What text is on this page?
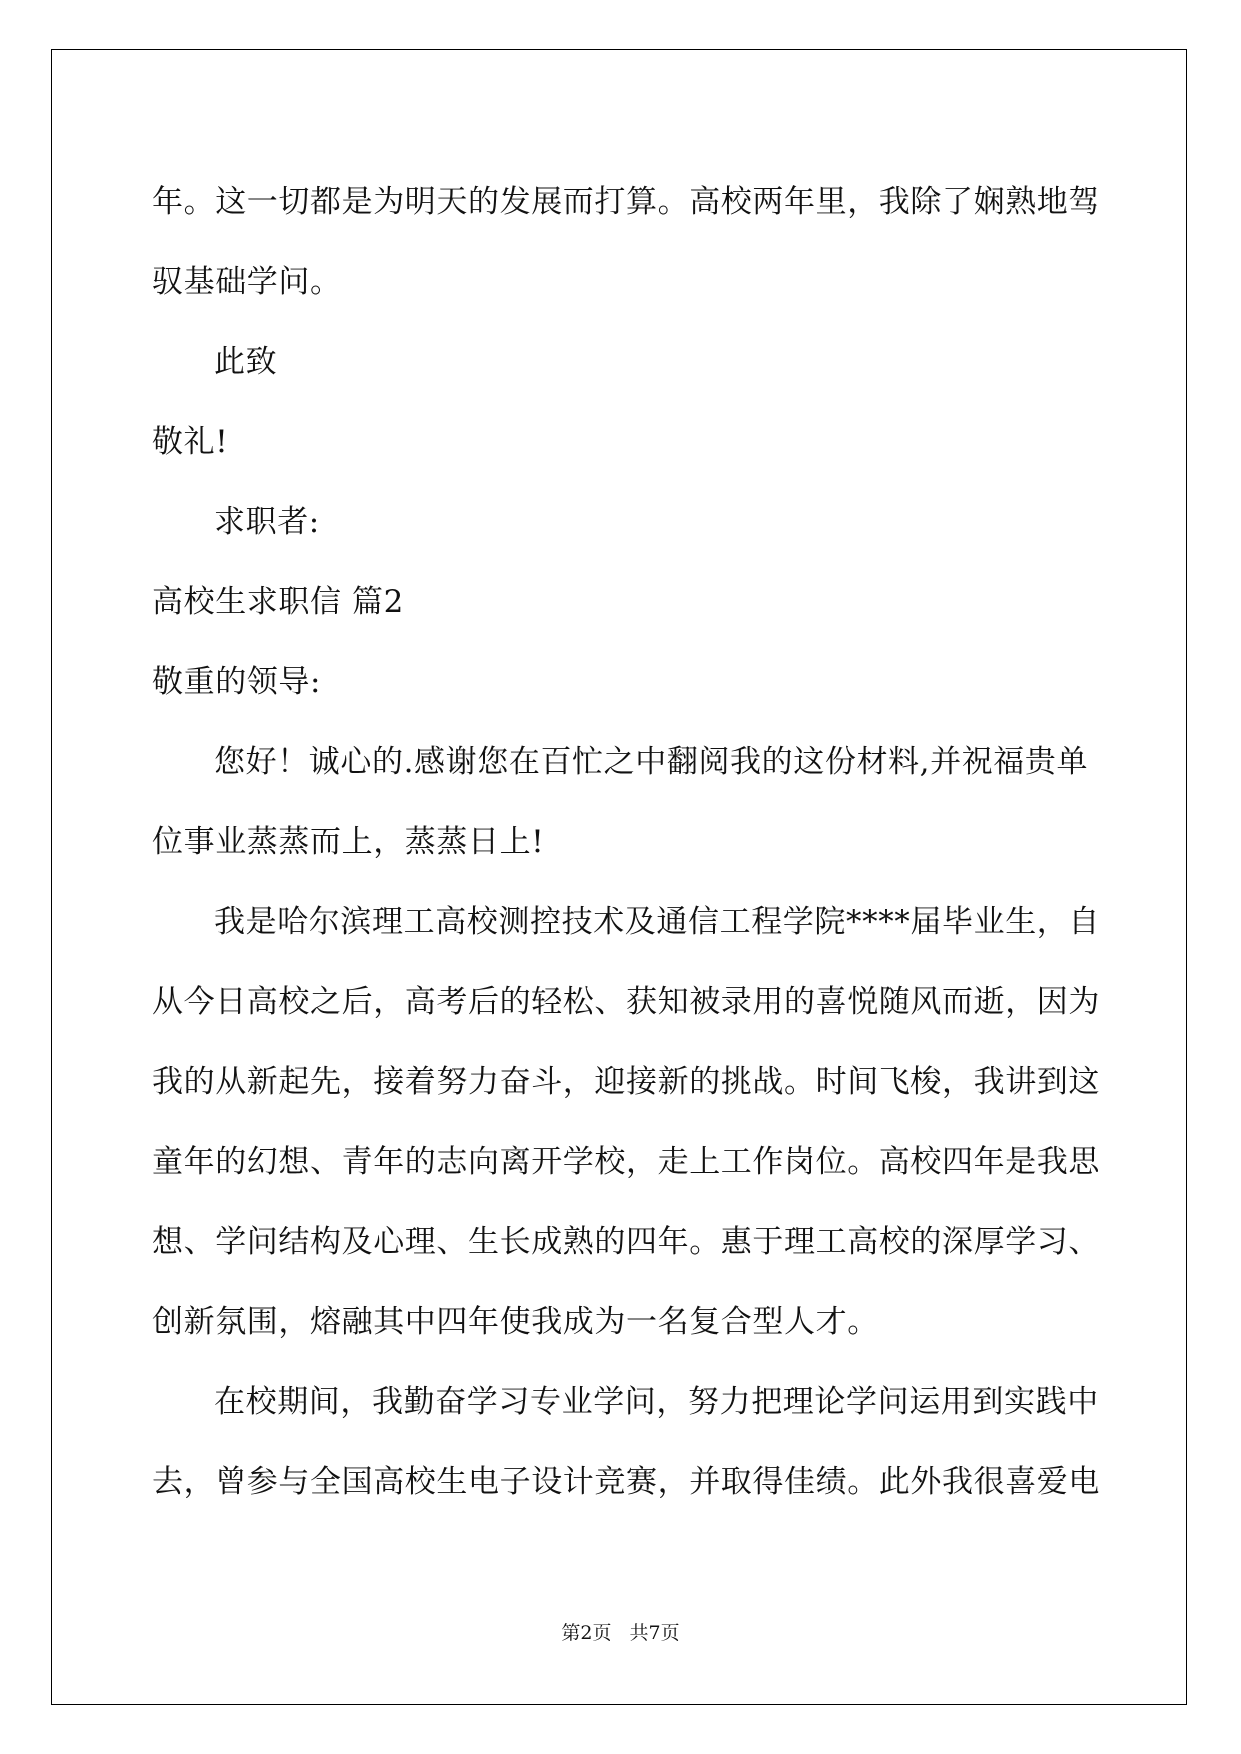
年。这一切都是为明天的发展而打算。高校两年里，我除了娴熟地驾

驭基础学问。

此致

敬礼!

求职者:

高校生求职信 篇2

敬重的领导:

您好！诚心的.感谢您在百忙之中翻阅我的这份材料,并祝福贵单

位事业蒸蒸而上，蒸蒸日上!

我是哈尔滨理工高校测控技术及通信工程学院****届毕业生，自

从今日高校之后，高考后的轻松、获知被录用的喜悦随风而逝，因为

我的从新起先，接着努力奋斗，迎接新的挑战。时间飞梭，我讲到这

童年的幻想、青年的志向离开学校，走上工作岗位。高校四年是我思

想、学问结构及心理、生长成熟的四年。惠于理工高校的深厚学习、

创新氛围，熔融其中四年使我成为一名复合型人才。

在校期间，我勤奋学习专业学问，努力把理论学问运用到实践中

去，曾参与全国高校生电子设计竞赛，并取得佳绩。此外我很喜爱电

第2页 共7页
